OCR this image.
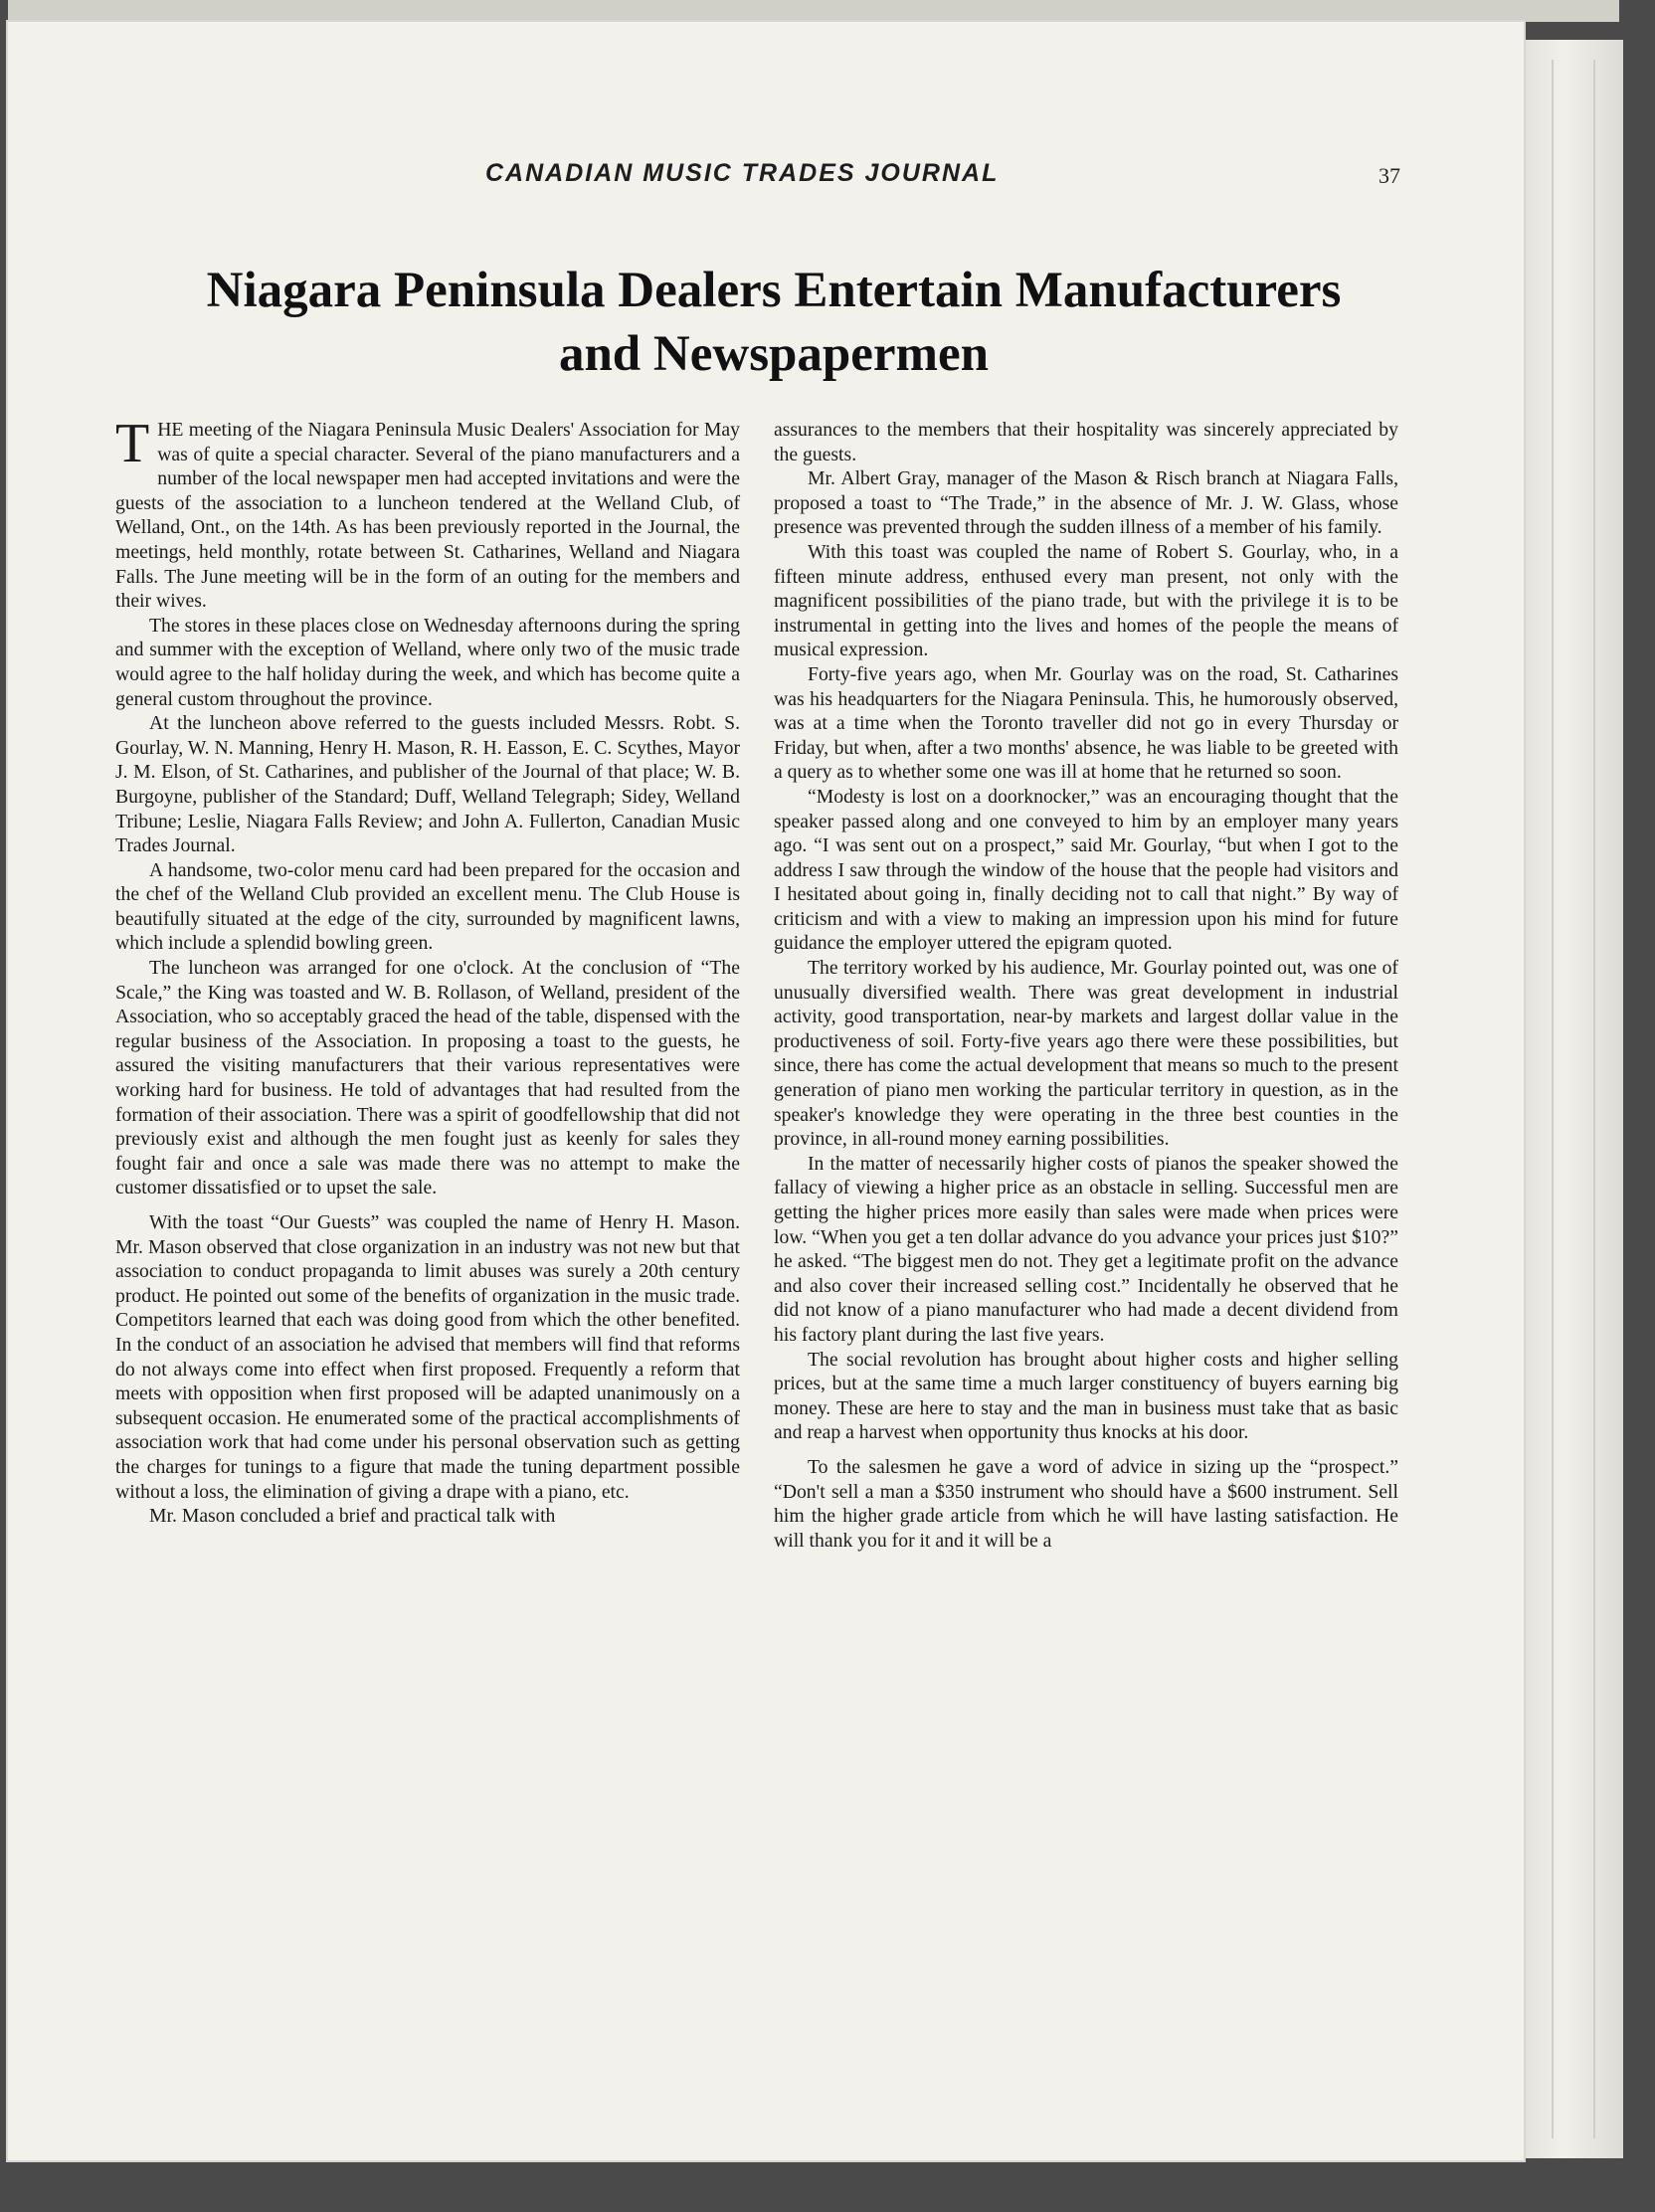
CANADIAN MUSIC TRADES JOURNAL	37
Niagara Peninsula Dealers Entertain Manufacturers
and Newspapermen

THE meeting of the Niagara Peninsula Music Dealers' Association for May was of quite a special character. Several of the piano manufacturers and a number of the local newspaper men had accepted invitations and were the guests of the association to a luncheon tendered at the Welland Club, of Welland, Ont., on the 14th. As has been previously reported in the Journal, the meetings, held monthly, rotate between St. Catharines, Welland and Niagara Falls. The June meeting will be in the form of an outing for the members and their wives.

The stores in these places close on Wednesday afternoons during the spring and summer with the exception of Welland, where only two of the music trade would agree to the half holiday during the week, and which has become quite a general custom throughout the province.

At the luncheon above referred to the guests included Messrs. Robt. S. Gourlay, W. N. Manning, Henry H. Mason, R. H. Easson, E. C. Scythes, Mayor J. M. Elson, of St. Catharines, and publisher of the Journal of that place; W. B. Burgoyne, publisher of the Standard; Duff, Welland Telegraph; Sidey, Welland Tribune; Leslie, Niagara Falls Review; and John A. Fullerton, Canadian Music Trades Journal.

A handsome, two-color menu card had been prepared for the occasion and the chef of the Welland Club provided an excellent menu. The Club House is beautifully situated at the edge of the city, surrounded by magnificent lawns, which include a splendid bowling green.

The luncheon was arranged for one o'clock. At the conclusion of “The Scale,” the King was toasted and W. B. Rollason, of Welland, president of the Association, who so acceptably graced the head of the table, dispensed with the regular business of the Association. In proposing a toast to the guests, he assured the visiting manufacturers that their various representatives were working hard for business. He told of advantages that had resulted from the formation of their association. There was a spirit of goodfellowship that did not previously exist and although the men fought just as keenly for sales they fought fair and once a sale was made there was no attempt to make the customer dissatisfied or to upset the sale.

With the toast “Our Guests” was coupled the name of Henry H. Mason. Mr. Mason observed that close organization in an industry was not new but that association to conduct propaganda to limit abuses was surely a 20th century product. He pointed out some of the benefits of organization in the music trade. Competitors learned that each was doing good from which the other benefited. In the conduct of an association he advised that members will find that reforms do not always come into effect when first proposed. Frequently a reform that meets with opposition when first proposed will be adapted unanimously on a subsequent occasion. He enumerated some of the practical accomplishments of association work that had come under his personal observation such as getting the charges for tunings to a figure that made the tuning department possible without a loss, the elimination of giving a drape with a piano, etc.

Mr. Mason concluded a brief and practical talk with

assurances to the members that their hospitality was sincerely appreciated by the guests.

Mr. Albert Gray, manager of the Mason & Risch branch at Niagara Falls, proposed a toast to “The Trade,” in the absence of Mr. J. W. Glass, whose presence was prevented through the sudden illness of a member of his family.

With this toast was coupled the name of Robert S. Gourlay, who, in a fifteen minute address, enthused every man present, not only with the magnificent possibilities of the piano trade, but with the privilege it is to be instrumental in getting into the lives and homes of the people the means of musical expression.

Forty-five years ago, when Mr. Gourlay was on the road, St. Catharines was his headquarters for the Niagara Peninsula. This, he humorously observed, was at a time when the Toronto traveller did not go in every Thursday or Friday, but when, after a two months' absence, he was liable to be greeted with a query as to whether some one was ill at home that he returned so soon.

“Modesty is lost on a doorknocker,” was an encouraging thought that the speaker passed along and one conveyed to him by an employer many years ago. “I was sent out on a prospect,” said Mr. Gourlay, “but when I got to the address I saw through the window of the house that the people had visitors and I hesitated about going in, finally deciding not to call that night.” By way of criticism and with a view to making an impression upon his mind for future guidance the employer uttered the epigram quoted.

The territory worked by his audience, Mr. Gourlay pointed out, was one of unusually diversified wealth. There was great development in industrial activity, good transportation, near-by markets and largest dollar value in the productiveness of soil. Forty-five years ago there were these possibilities, but since, there has come the actual development that means so much to the present generation of piano men working the particular territory in question, as in the speaker's knowledge they were operating in the three best counties in the province, in all-round money earning possibilities.

In the matter of necessarily higher costs of pianos the speaker showed the fallacy of viewing a higher price as an obstacle in selling. Successful men are getting the higher prices more easily than sales were made when prices were low. “When you get a ten dollar advance do you advance your prices just $10?” he asked. “The biggest men do not. They get a legitimate profit on the advance and also cover their increased selling cost.” Incidentally he observed that he did not know of a piano manufacturer who had made a decent dividend from his factory plant during the last five years.

The social revolution has brought about higher costs and higher selling prices, but at the same time a much larger constituency of buyers earning big money. These are here to stay and the man in business must take that as basic and reap a harvest when opportunity thus knocks at his door.

To the salesmen he gave a word of advice in sizing up the “prospect.” “Don't sell a man a $350 instrument who should have a $600 instrument. Sell him the higher grade article from which he will have lasting satisfaction. He will thank you for it and it will be a
